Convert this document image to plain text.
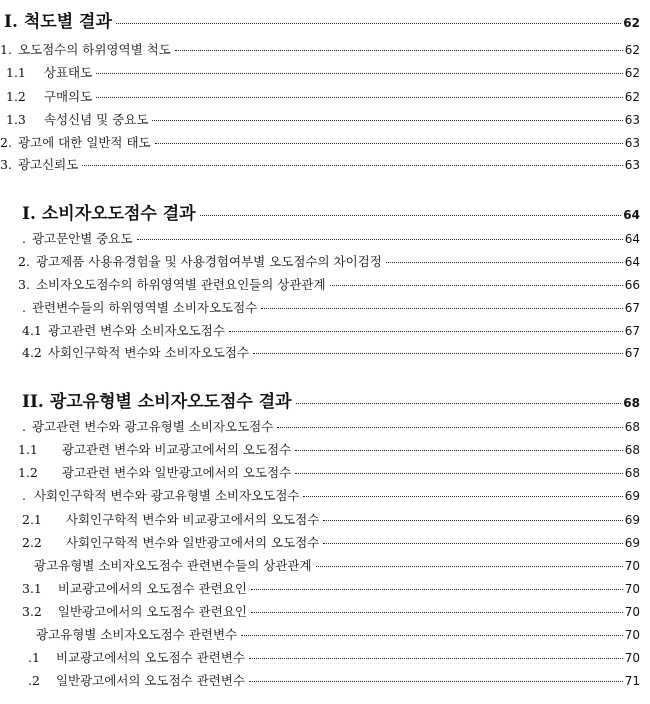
I. 척도별 결과	62
1. 오도점수의 하위영역별 척도	62
1.1 상표태도	62
1.2 구매의도	62
1.3 속성신념 및 중요도	63
2. 광고에 대한 일반적 태도	63
3. 광고신뢰도	63
I. 소비자오도점수 결과	64
. 광고문안별 중요도	64
2. 광고제품 사용유경험율 및 사용경험여부별 오도점수의 차이검정	64
3. 소비자오도점수의 하위영역별 관련요인들의 상관관계	66
. 관련변수들의 하위영역별 소비자오도점수	67
4.1 광고관련 변수와 소비자오도점수	67
4.2 사회인구학적 변수와 소비자오도점수	67
II. 광고유형별 소비자오도점수 결과	68
. 광고관련 변수와 광고유형별 소비자오도점수	68
1.1 광고관련 변수와 비교광고에서의 오도점수	68
1.2 광고관련 변수와 일반광고에서의 오도점수	68
. 사회인구학적 변수와 광고유형별 소비자오도점수	69
2.1 사회인구학적 변수와 비교광고에서의 오도점수	69
2.2 사회인구학적 변수와 일반광고에서의 오도점수	69
광고유형별 소비자오도점수 관련변수들의 상관관계	70
3.1 비교광고에서의 오도점수 관련요인	70
3.2 일반광고에서의 오도점수 관련요인	70
광고유형별 소비자오도점수 관련변수	70
.1 비교광고에서의 오도점수 관련변수	70
.2 일반광고에서의 오도점수 관련변수	71
